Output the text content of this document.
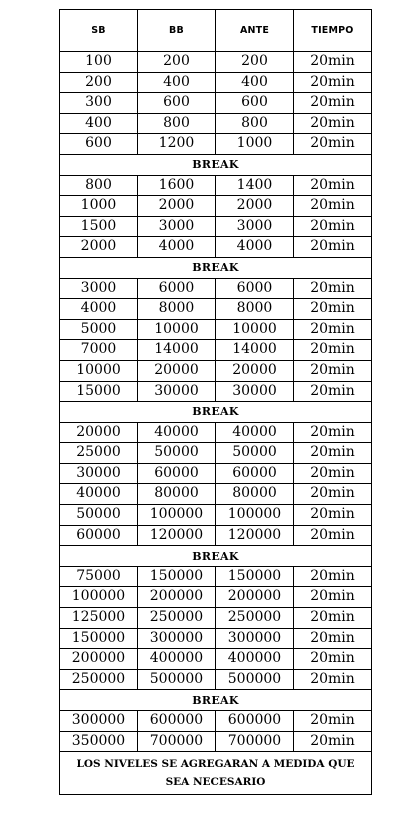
SB	BB	ANTE	TIEMPO
100	200	200	20min
200	400	400	20min
300	600	600	20min
400	800	800	20min
600	1200	1000	20min
BREAK			
800	1600	1400	20min
1000	2000	2000	20min
1500	3000	3000	20min
2000	4000	4000	20min
BREAK			
3000	6000	6000	20min
4000	8000	8000	20min
5000	10000	10000	20min
7000	14000	14000	20min
10000	20000	20000	20min
15000	30000	30000	20min
BREAK			
20000	40000	40000	20min
25000	50000	50000	20min
30000	60000	60000	20min
40000	80000	80000	20min
50000	100000	100000	20min
60000	120000	120000	20min
BREAK			
75000	150000	150000	20min
100000	200000	200000	20min
125000	250000	250000	20min
150000	300000	300000	20min
200000	400000	400000	20min
250000	500000	500000	20min
BREAK			
300000	600000	600000	20min
350000	700000	700000	20min
LOS NIVELES SE AGREGARAN A MEDIDA QUE SEA NECESARIO			
